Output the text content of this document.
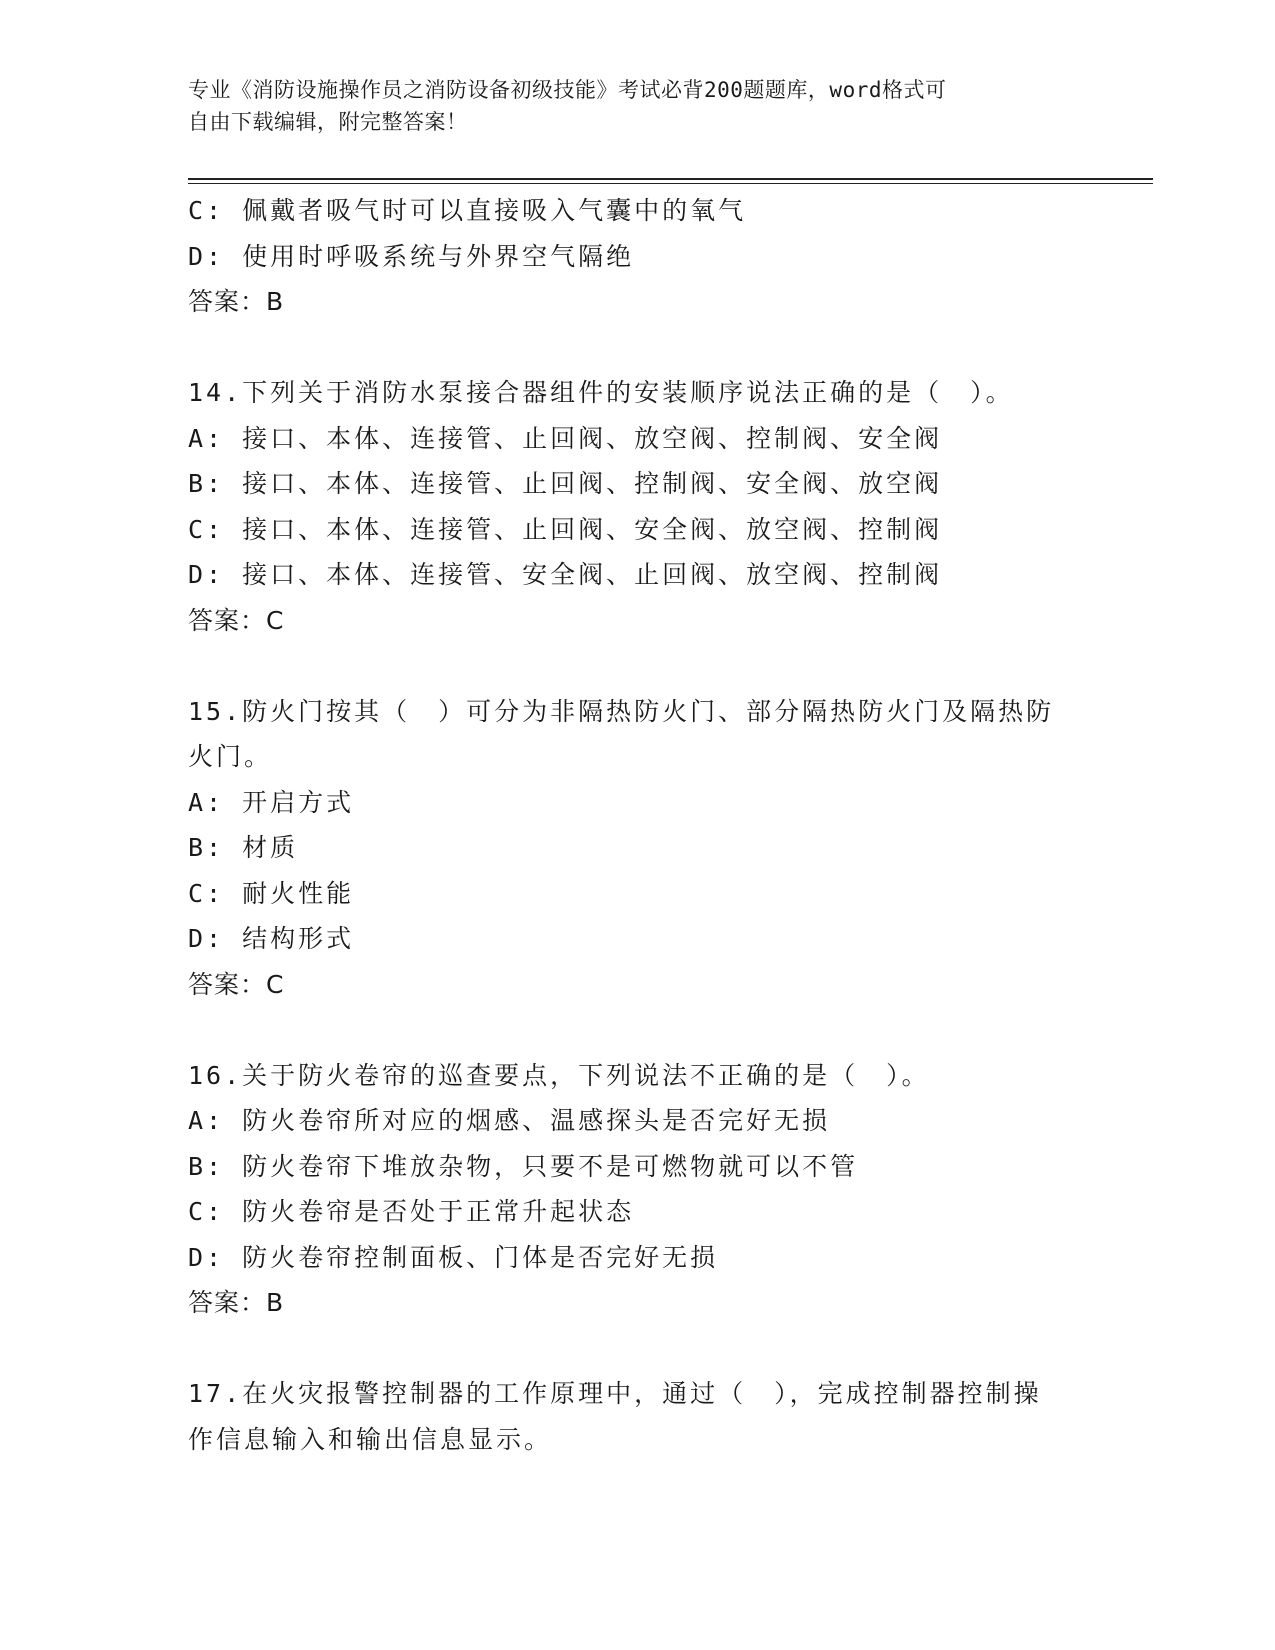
专业《消防设施操作员之消防设备初级技能》考试必背200题题库，word格式可
自由下载编辑，附完整答案！
C: 佩戴者吸气时可以直接吸入气囊中的氧气
D: 使用时呼吸系统与外界空气隔绝
答案：B
14.下列关于消防水泵接合器组件的安装顺序说法正确的是（　）。
A: 接口、本体、连接管、止回阀、放空阀、控制阀、安全阀
B: 接口、本体、连接管、止回阀、控制阀、安全阀、放空阀
C: 接口、本体、连接管、止回阀、安全阀、放空阀、控制阀
D: 接口、本体、连接管、安全阀、止回阀、放空阀、控制阀
答案：C
15.防火门按其（　）可分为非隔热防火门、部分隔热防火门及隔热防
火门。
A: 开启方式
B: 材质
C: 耐火性能
D: 结构形式
答案：C
16.关于防火卷帘的巡查要点，下列说法不正确的是（　）。
A: 防火卷帘所对应的烟感、温感探头是否完好无损
B: 防火卷帘下堆放杂物，只要不是可燃物就可以不管
C: 防火卷帘是否处于正常升起状态
D: 防火卷帘控制面板、门体是否完好无损
答案：B
17.在火灾报警控制器的工作原理中，通过（　），完成控制器控制操
作信息输入和输出信息显示。
